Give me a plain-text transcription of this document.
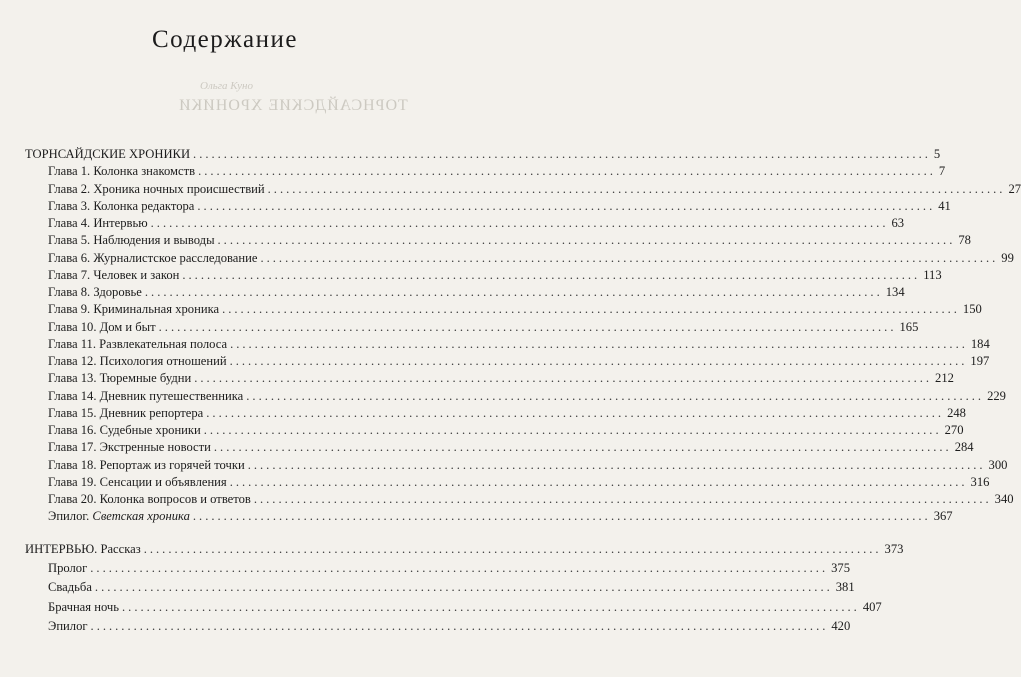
Содержание
Ольга Куно
ТОРНСАЙДСКИЕ ХРОНИКИ
ТОРНСАЙДСКИЕ ХРОНИКИ ........................................................................................................................ 5
Глава 1. Колонка знакомств ........................................................................................................................ 7
Глава 2. Хроника ночных происшествий ........................................................................................................................ 27
Глава 3. Колонка редактора ........................................................................................................................ 41
Глава 4. Интервью ........................................................................................................................ 63
Глава 5. Наблюдения и выводы ........................................................................................................................ 78
Глава 6. Журналистское расследование ........................................................................................................................ 99
Глава 7. Человек и закон ........................................................................................................................ 113
Глава 8. Здоровье ........................................................................................................................ 134
Глава 9. Криминальная хроника ........................................................................................................................ 150
Глава 10. Дом и быт ........................................................................................................................ 165
Глава 11. Развлекательная полоса ........................................................................................................................ 184
Глава 12. Психология отношений ........................................................................................................................ 197
Глава 13. Тюремные будни ........................................................................................................................ 212
Глава 14. Дневник путешественника ........................................................................................................................ 229
Глава 15. Дневник репортера ........................................................................................................................ 248
Глава 16. Судебные хроники ........................................................................................................................ 270
Глава 17. Экстренные новости ........................................................................................................................ 284
Глава 18. Репортаж из горячей точки ........................................................................................................................ 300
Глава 19. Сенсации и объявления ........................................................................................................................ 316
Глава 20. Колонка вопросов и ответов ........................................................................................................................ 340
Эпилог. Светская хроника ........................................................................................................................ 367
ИНТЕРВЬЮ. Рассказ ........................................................................................................................ 373
Пролог ........................................................................................................................ 375
Свадьба ........................................................................................................................ 381
Брачная ночь ........................................................................................................................ 407
Эпилог ........................................................................................................................ 420
